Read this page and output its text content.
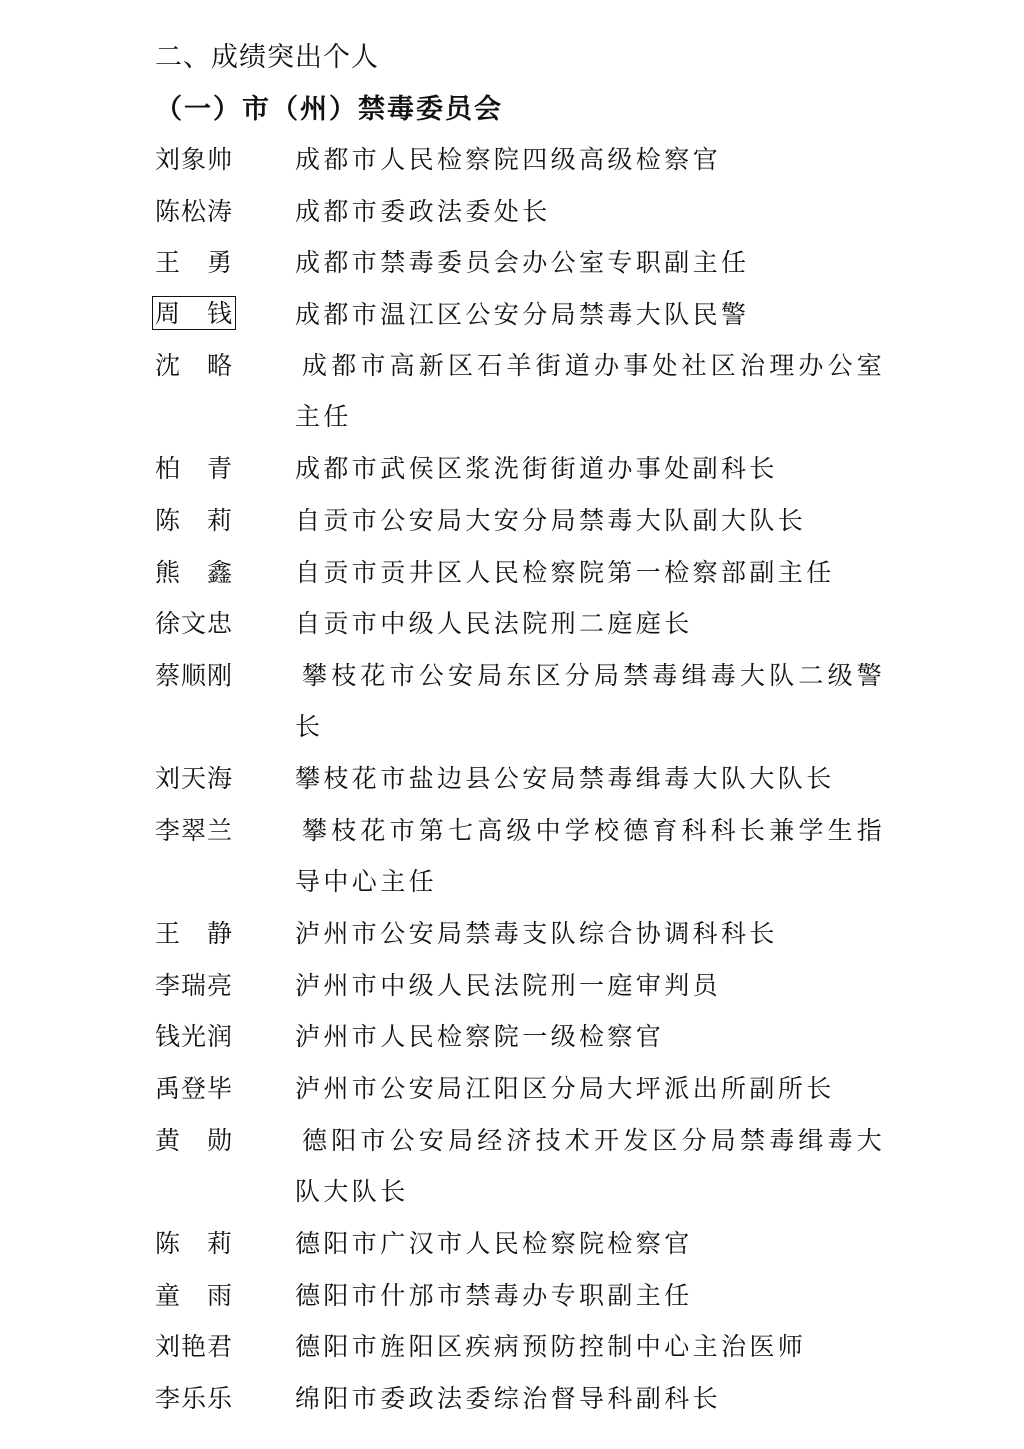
二、成绩突出个人
（一）市（州）禁毒委员会
刘象帅 成都市人民检察院四级高级检察官
陈松涛 成都市委政法委处长
王　勇 成都市禁毒委员会办公室专职副主任
周　钱 成都市温江区公安分局禁毒大队民警
沈　略	成都市高新区石羊街道办事处社区治理办公室
主任
柏　青 成都市武侯区浆洗街街道办事处副科长
陈　莉 自贡市公安局大安分局禁毒大队副大队长
熊　鑫 自贡市贡井区人民检察院第一检察部副主任
徐文忠 自贡市中级人民法院刑二庭庭长
蔡顺刚	攀枝花市公安局东区分局禁毒缉毒大队二级警
长
刘天海 攀枝花市盐边县公安局禁毒缉毒大队大队长
李翠兰	攀枝花市第七高级中学校德育科科长兼学生指
导中心主任
王　静 泸州市公安局禁毒支队综合协调科科长
李瑞亮 泸州市中级人民法院刑一庭审判员
钱光润 泸州市人民检察院一级检察官
禹登毕 泸州市公安局江阳区分局大坪派出所副所长
黄　勋	德阳市公安局经济技术开发区分局禁毒缉毒大
队大队长
陈　莉 德阳市广汉市人民检察院检察官
童　雨 德阳市什邡市禁毒办专职副主任
刘艳君 德阳市旌阳区疾病预防控制中心主治医师
李乐乐 绵阳市委政法委综治督导科副科长
